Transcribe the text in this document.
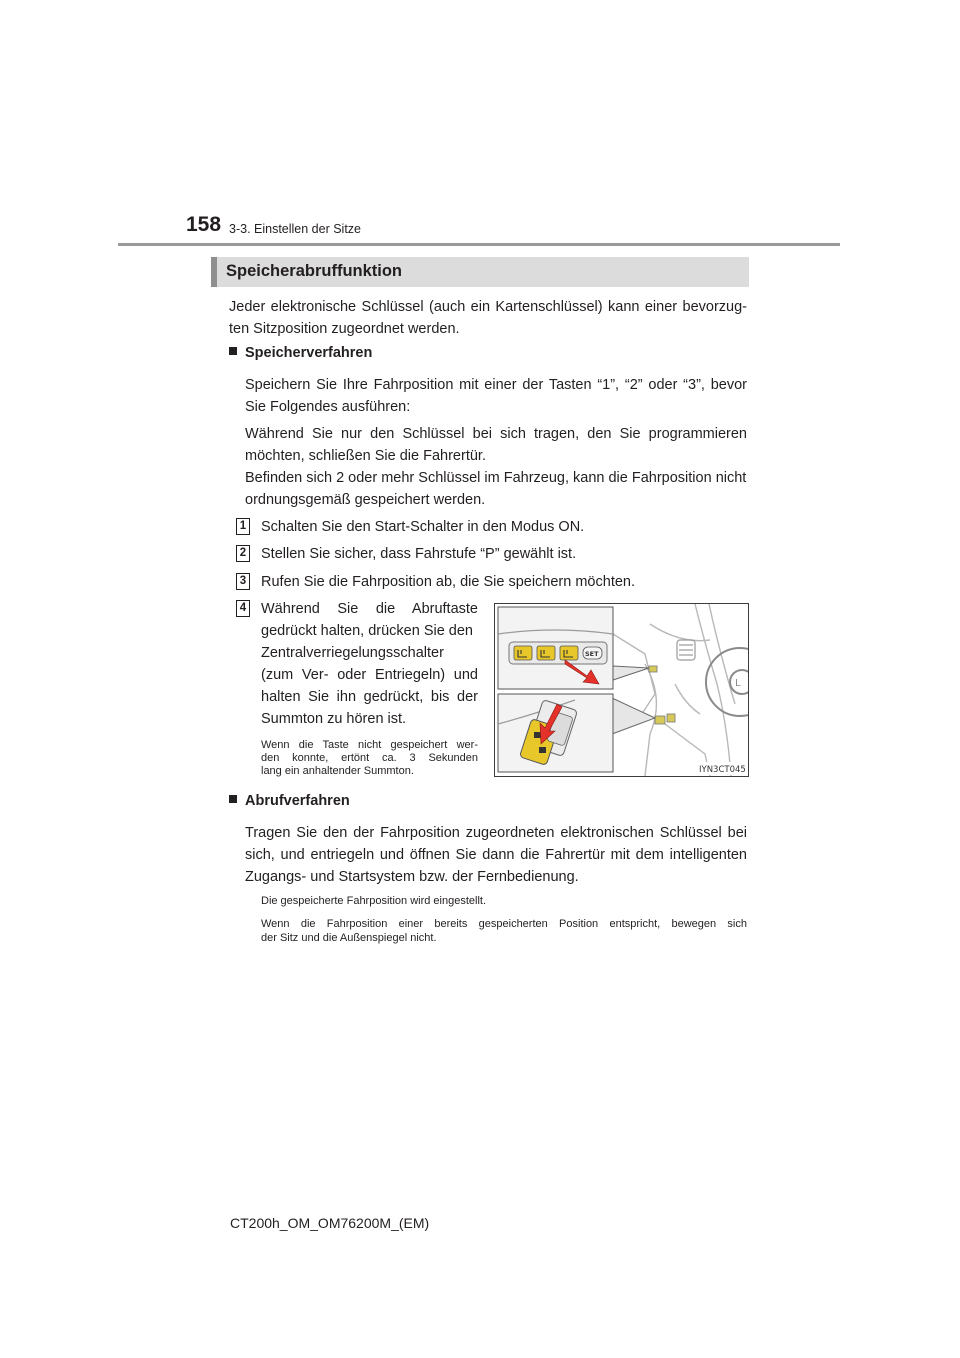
158 3-3. Einstellen der Sitze
Speicherabruffunktion
Jeder elektronische Schlüssel (auch ein Kartenschlüssel) kann einer bevorzug-
ten Sitzposition zugeordnet werden.
Speicherverfahren
Speichern Sie Ihre Fahrposition mit einer der Tasten “1”, “2” oder “3”, bevor
Sie Folgendes ausführen:
Während Sie nur den Schlüssel bei sich tragen, den Sie programmieren
möchten, schließen Sie die Fahrertür.
Befinden sich 2 oder mehr Schlüssel im Fahrzeug, kann die Fahrposition nicht
ordnungsgemäß gespeichert werden.
1 Schalten Sie den Start-Schalter in den Modus ON.
2 Stellen Sie sicher, dass Fahrstufe “P” gewählt ist.
3 Rufen Sie die Fahrposition ab, die Sie speichern möchten.
4 Während Sie die Abruftaste
gedrückt halten, drücken Sie den
Zentralverriegelungsschalter
(zum Ver- oder Entriegeln) und
halten Sie ihn gedrückt, bis der
Summton zu hören ist.
Wenn die Taste nicht gespeichert wer-
den konnte, ertönt ca. 3 Sekunden
lang ein anhaltender Summton.
L
SET
IYN3CT045
Abrufverfahren
Tragen Sie den der Fahrposition zugeordneten elektronischen Schlüssel bei
sich, und entriegeln und öffnen Sie dann die Fahrertür mit dem intelligenten
Zugangs- und Startsystem bzw. der Fernbedienung.
Die gespeicherte Fahrposition wird eingestellt.
Wenn die Fahrposition einer bereits gespeicherten Position entspricht, bewegen sich
der Sitz und die Außenspiegel nicht.
CT200h_OM_OM76200M_(EM)
